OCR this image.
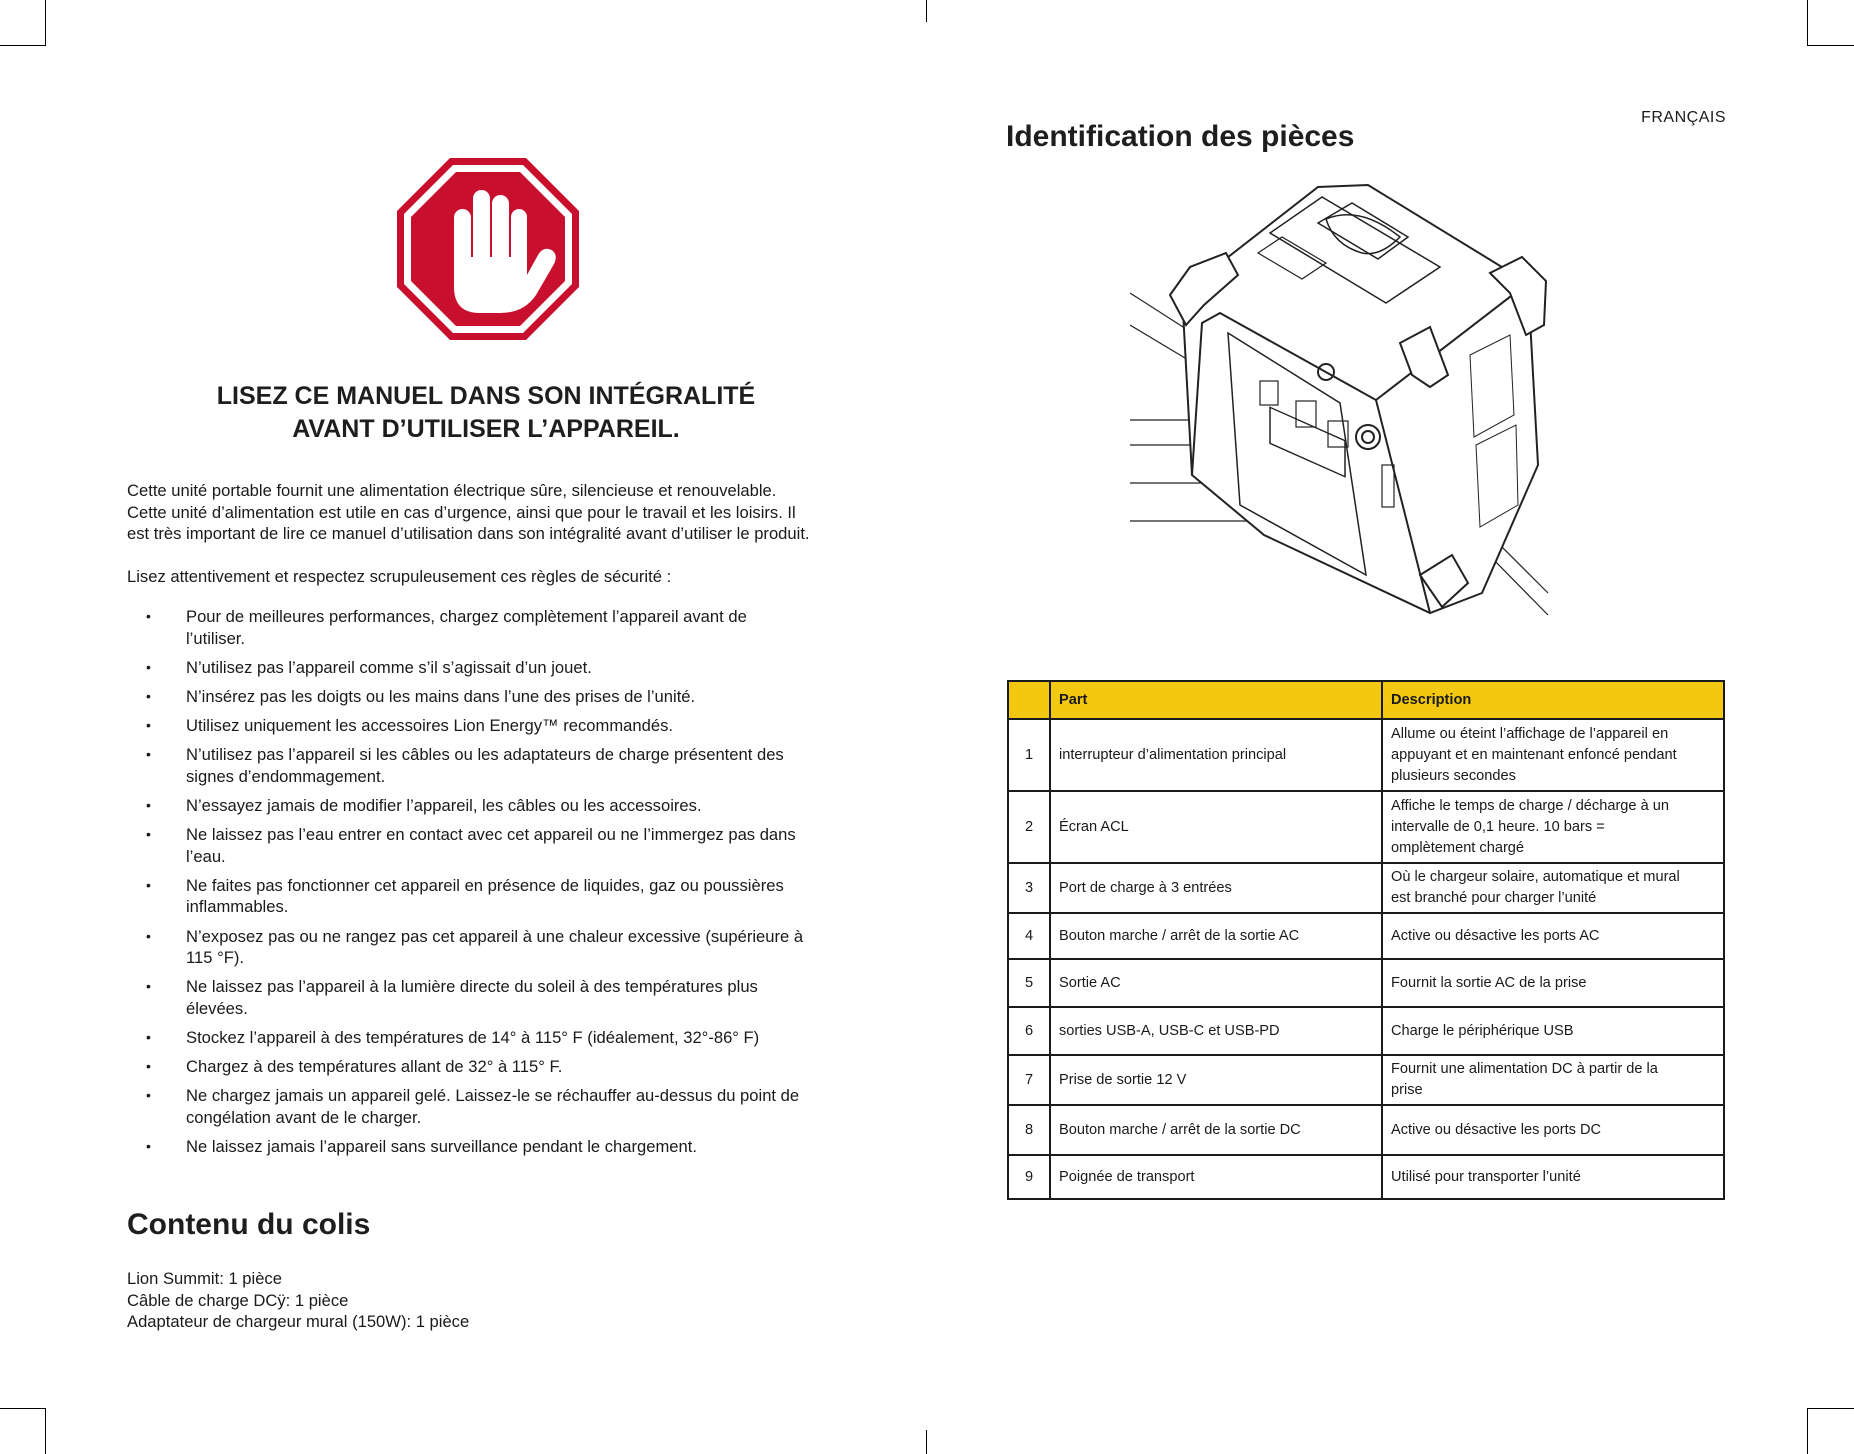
LISEZ CE MANUEL DANS SON INTÉGRALITÉ
AVANT D’UTILISER L’APPAREIL.
Cette unité portable fournit une alimentation électrique sûre, silencieuse et renouvelable.
Cette unité d’alimentation est utile en cas d’urgence, ainsi que pour le travail et les loisirs. Il
est très important de lire ce manuel d’utilisation dans son intégralité avant d’utiliser le produit.
Lisez attentivement et respectez scrupuleusement ces règles de sécurité :
• Pour de meilleures performances, chargez complètement l’appareil avant de
l’utiliser.
• N’utilisez pas l’appareil comme s’il s’agissait d’un jouet.
• N’insérez pas les doigts ou les mains dans l’une des prises de l’unité.
• Utilisez uniquement les accessoires Lion Energy™ recommandés.
• N’utilisez pas l’appareil si les câbles ou les adaptateurs de charge présentent des
signes d’endommagement.
• N’essayez jamais de modifier l’appareil, les câbles ou les accessoires.
• Ne laissez pas l’eau entrer en contact avec cet appareil ou ne l’immergez pas dans
l’eau.
• Ne faites pas fonctionner cet appareil en présence de liquides, gaz ou poussières
inflammables.
• N’exposez pas ou ne rangez pas cet appareil à une chaleur excessive (supérieure à
115 °F).
• Ne laissez pas l’appareil à la lumière directe du soleil à des températures plus
élevées.
• Stockez l’appareil à des températures de 14° à 115° F (idéalement, 32°-86° F)
• Chargez à des températures allant de 32° à 115° F.
• Ne chargez jamais un appareil gelé. Laissez-le se réchauffer au-dessus du point de
congélation avant de le charger.
• Ne laissez jamais l’appareil sans surveillance pendant le chargement.
Contenu du colis
Lion Summit: 1 pièce
Câble de charge DCÿ: 1 pièce
Adaptateur de chargeur mural (150W): 1 pièce
FRANÇAIS
Identification des pièces
	Part	Description
1	interrupteur d’alimentation principal	Allume ou éteint l’affichage de l’appareil en
appuyant et en maintenant enfoncé pendant
plusieurs secondes

2	Écran ACL	Affiche le temps de charge / décharge à un
intervalle de 0,1 heure. 10 bars =
omplètement chargé

3	Port de charge à 3 entrées	Où le chargeur solaire, automatique et mural
est branché pour charger l’unité

4	Bouton marche / arrêt de la sortie AC	Active ou désactive les ports AC

5	Sortie AC	Fournit la sortie AC de la prise

6	sorties USB-A, USB-C et USB-PD	Charge le périphérique USB

7	Prise de sortie 12 V	Fournit une alimentation DC à partir de la
prise

8	Bouton marche / arrêt de la sortie DC	Active ou désactive les ports DC

9	Poignée de transport	Utilisé pour transporter l’unité
